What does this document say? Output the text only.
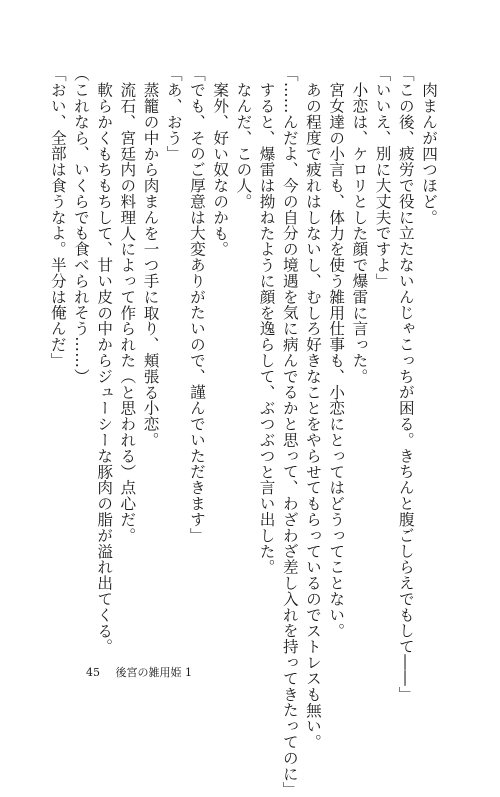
肉まんが四つほど。
「この後、疲労で役に立たないんじゃこっちが困る。きちんと腹ごしらえでもして――」
「いいえ、別に大丈夫ですよ」
小恋は、ケロリとした顔で爆雷に言った。
宮女達の小言も、体力を使う雑用仕事も、小恋にとってはどうってことない。
あの程度で疲れはしないし、むしろ好きなことをやらせてもらっているのでストレスも無い。
「……んだよ、今の自分の境遇を気に病んでるかと思って、わざわざ差し入れを持ってきたってのに」
すると、爆雷は拗ねたように顔を逸らして、ぶつぶつと言い出した。
なんだ、この人。
案外、好い奴なのかも。
「でも、そのご厚意は大変ありがたいので、謹んでいただきます」
「あ、おう」
蒸籠の中から肉まんを一つ手に取り、頬張る小恋。
流石、宮廷内の料理人によって作られた（と思われる）点心だ。
軟らかくもちもちして、甘い皮の中からジューシーな豚肉の脂が溢れ出てくる。
（これなら、いくらでも食べられそう……）
「おい、全部は食うなよ。半分は俺んだ」
45 後宮の雑用姫 1
